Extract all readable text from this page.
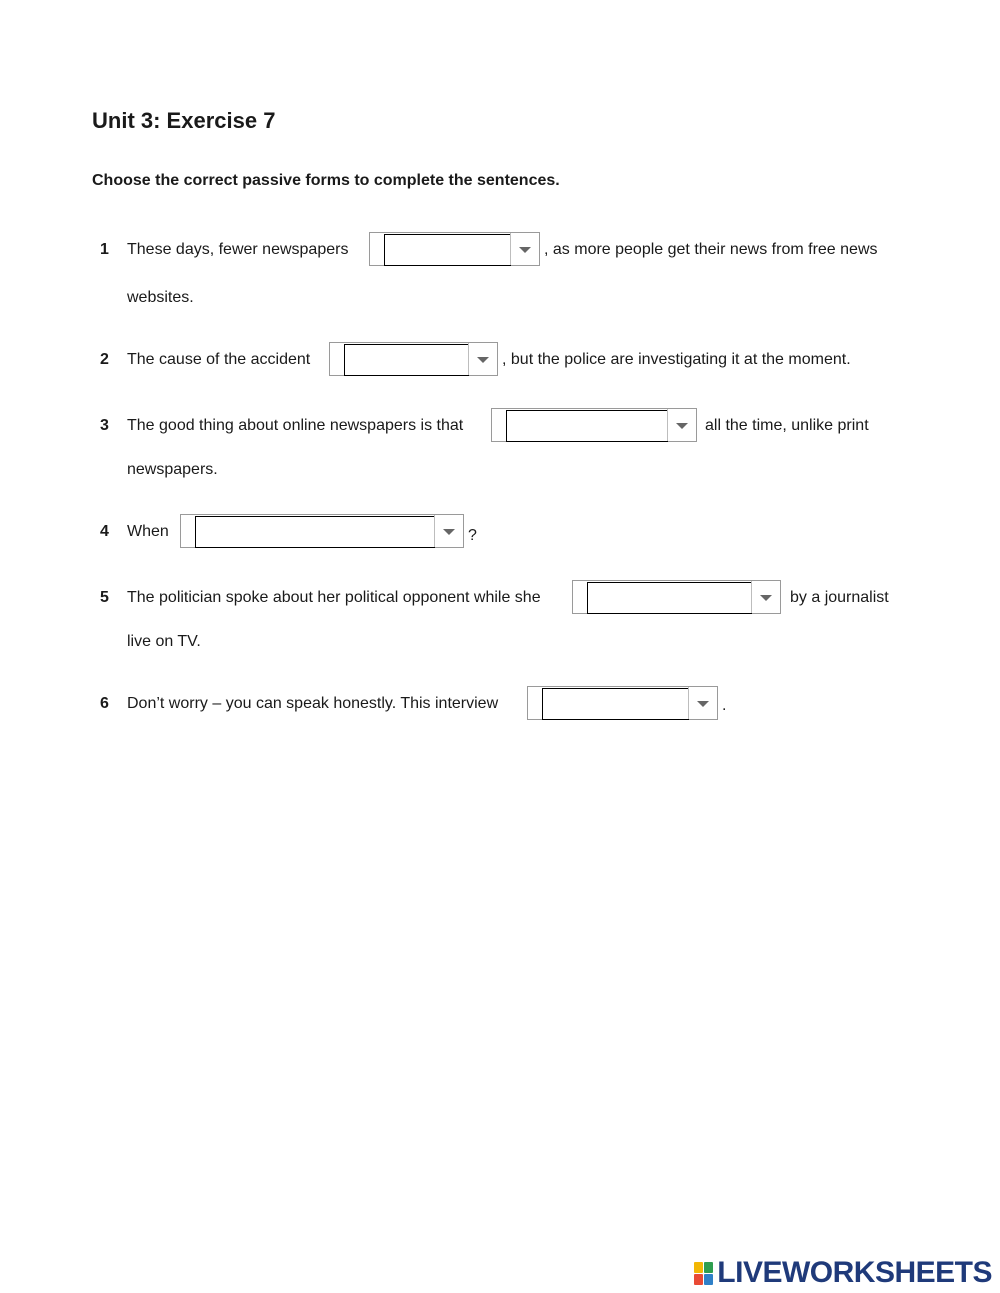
Unit 3: Exercise 7
Choose the correct passive forms to complete the sentences.
1 These days, fewer newspapers	, as more people get their news from free news
websites.
2 The cause of the accident	, but the police are investigating it at the moment.
3 The good thing about online newspapers is that	all the time, unlike print
newspapers.
4 When	?
5 The politician spoke about her political opponent while she	by a journalist
live on TV.
6 Don’t worry – you can speak honestly. This interview	.
LIVEWORKSHEETS
